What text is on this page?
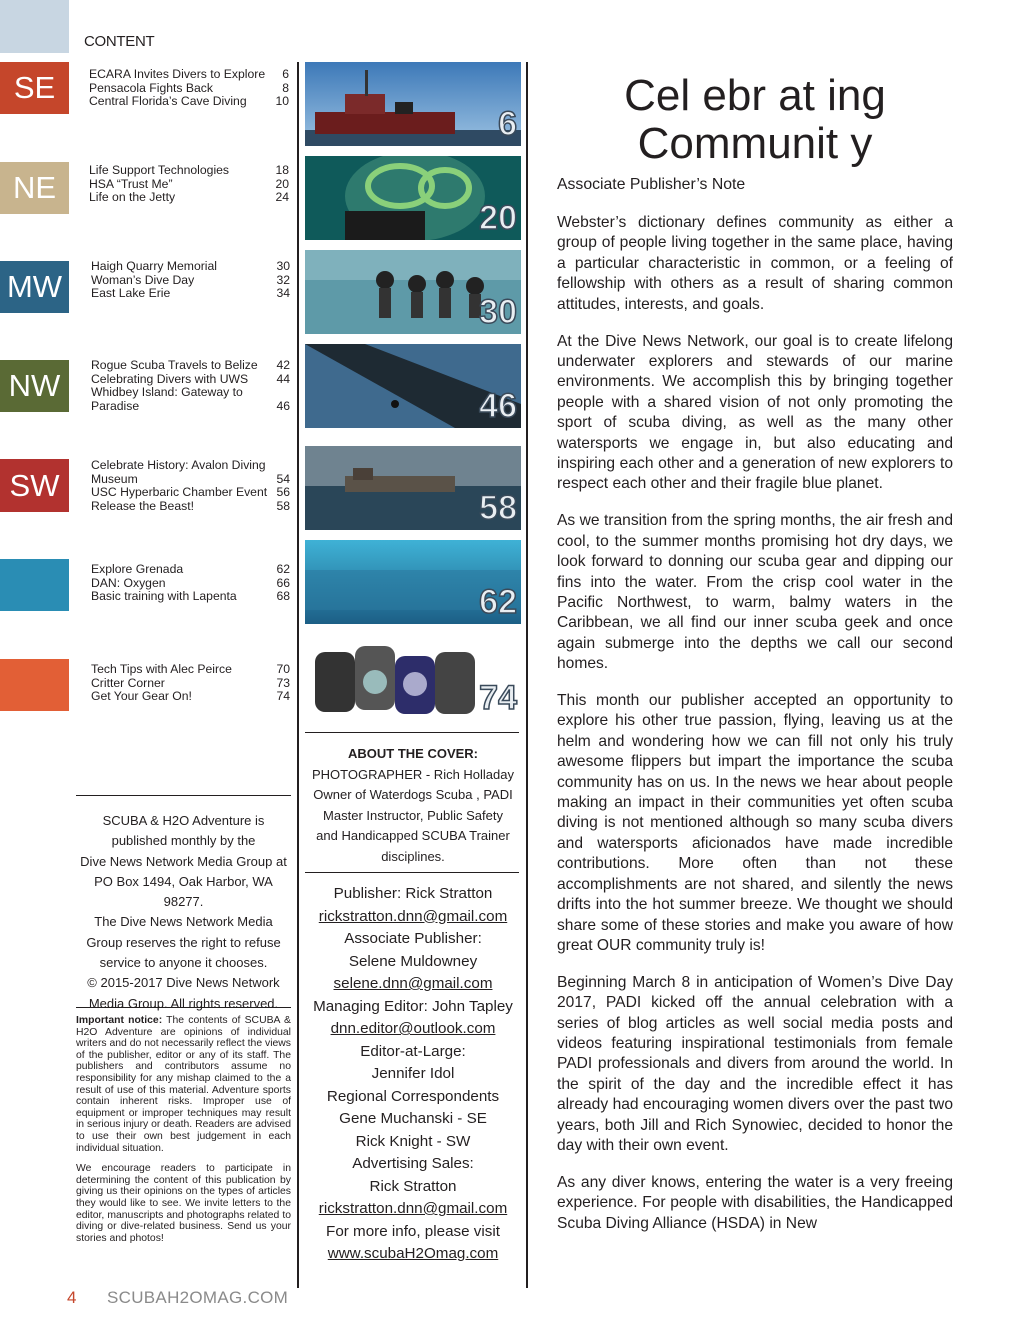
CONTENT
SE
NE
MW
NW
SW
ECARA Invites Divers to Explore	6
Pensacola Fights Back	8
Central Florida’s Cave Diving	10
Life Support Technologies	18
HSA “Trust Me”	20
Life on the Jetty	24
Haigh Quarry Memorial	30
Woman’s Dive Day	32
East Lake Erie	34
Rogue Scuba Travels to Belize	42
Celebrating Divers with UWS	44
Whidbey Island: Gateway to
Paradise	46
Celebrate History: Avalon Diving
Museum	54
USC Hyperbaric Chamber Event 56
Release the Beast!	58
Explore Grenada	62
DAN: Oxygen	66
Basic training with Lapenta	68
Tech Tips with Alec Peirce	70
Critter Corner	73
Get Your Gear On!	74
6
20
30
46
58
62
74
SCUBA & H2O Adventure is
published monthly by the
Dive News Network Media Group at
PO Box 1494, Oak Harbor, WA 98277.
The Dive News Network Media
Group reserves the right to refuse
service to anyone it chooses.
© 2015-2017 Dive News Network
Media Group. All rights reserved.
Important notice: The contents of SCUBA & H2O Adventure are opinions of individual writers and do not necessarily reflect the views of the publisher, editor or any of its staff. The publishers and contributors assume no responsibility for any mishap claimed to the a result of use of this material. Adventure sports contain inherent risks. Improper use of equipment or improper techniques may result in serious injury or death. Readers are advised to use their own best judgement in each individual situation.
We encourage readers to participate in determining the content of this publication by giving us their opinions on the types of articles they would like to see. We invite letters to the editor, manuscripts and photographs related to diving or dive-related business. Send us your stories and photos!
ABOUT THE COVER:
PHOTOGRAPHER - Rich Holladay
Owner of Waterdogs Scuba , PADI
Master Instructor, Public Safety
and Handicapped SCUBA Trainer
disciplines.
Publisher: Rick Stratton
rickstratton.dnn@gmail.com
Associate Publisher:
Selene Muldowney
selene.dnn@gmail.com
Managing Editor: John Tapley
dnn.editor@outlook.com
Editor-at-Large:
Jennifer Idol
Regional Correspondents
Gene Muchanski - SE
Rick Knight - SW
Advertising Sales:
Rick Stratton
rickstratton.dnn@gmail.com
For more info, please visit
www.scubaH2Omag.com
Cel ebr at ing
Communit y
Associate Publisher’s Note

Webster’s dictionary defines community as either a group of people living together in the same place, having a particular characteristic in common, or a feeling of fellowship with others as a result of sharing common attitudes, interests, and goals.

At the Dive News Network, our goal is to create lifelong underwater explorers and stewards of our marine environments. We accomplish this by bringing together people with a shared vision of not only promoting the sport of scuba diving, as well as the many other watersports we engage in, but also educating and inspiring each other and a generation of new explorers to respect each other and their fragile blue planet.

As we transition from the spring months, the air fresh and cool, to the summer months promising hot dry days, we look forward to donning our scuba gear and dipping our fins into the water. From the crisp cool water in the Pacific Northwest, to warm, balmy waters in the Caribbean, we all find our inner scuba geek and once again submerge into the depths we call our second homes.

This month our publisher accepted an opportunity to explore his other true passion, flying, leaving us at the helm and wondering how we can fill not only his truly awesome flippers but impart the importance the scuba community has on us. In the news we hear about people making an impact in their communities yet often scuba diving is not mentioned although so many scuba divers and watersports aficionados have made incredible contributions. More often than not these accomplishments are not shared, and silently the news drifts into the hot summer breeze. We thought we should share some of these stories and make you aware of how great OUR community truly is!

Beginning March 8 in anticipation of Women’s Dive Day 2017, PADI kicked off the annual celebration with a series of blog articles as well social media posts and videos featuring inspirational testimonials from female PADI professionals and divers from around the world. In the spirit of the day and the incredible effect it has already had encouraging women divers over the past two years, both Jill and Rich Synowiec, decided to honor the day with their own event.

As any diver knows, entering the water is a very freeing experience. For people with disabilities, the Handicapped Scuba Diving Alliance (HSDA) in New

4 SCUBAH2OMAG.COM
